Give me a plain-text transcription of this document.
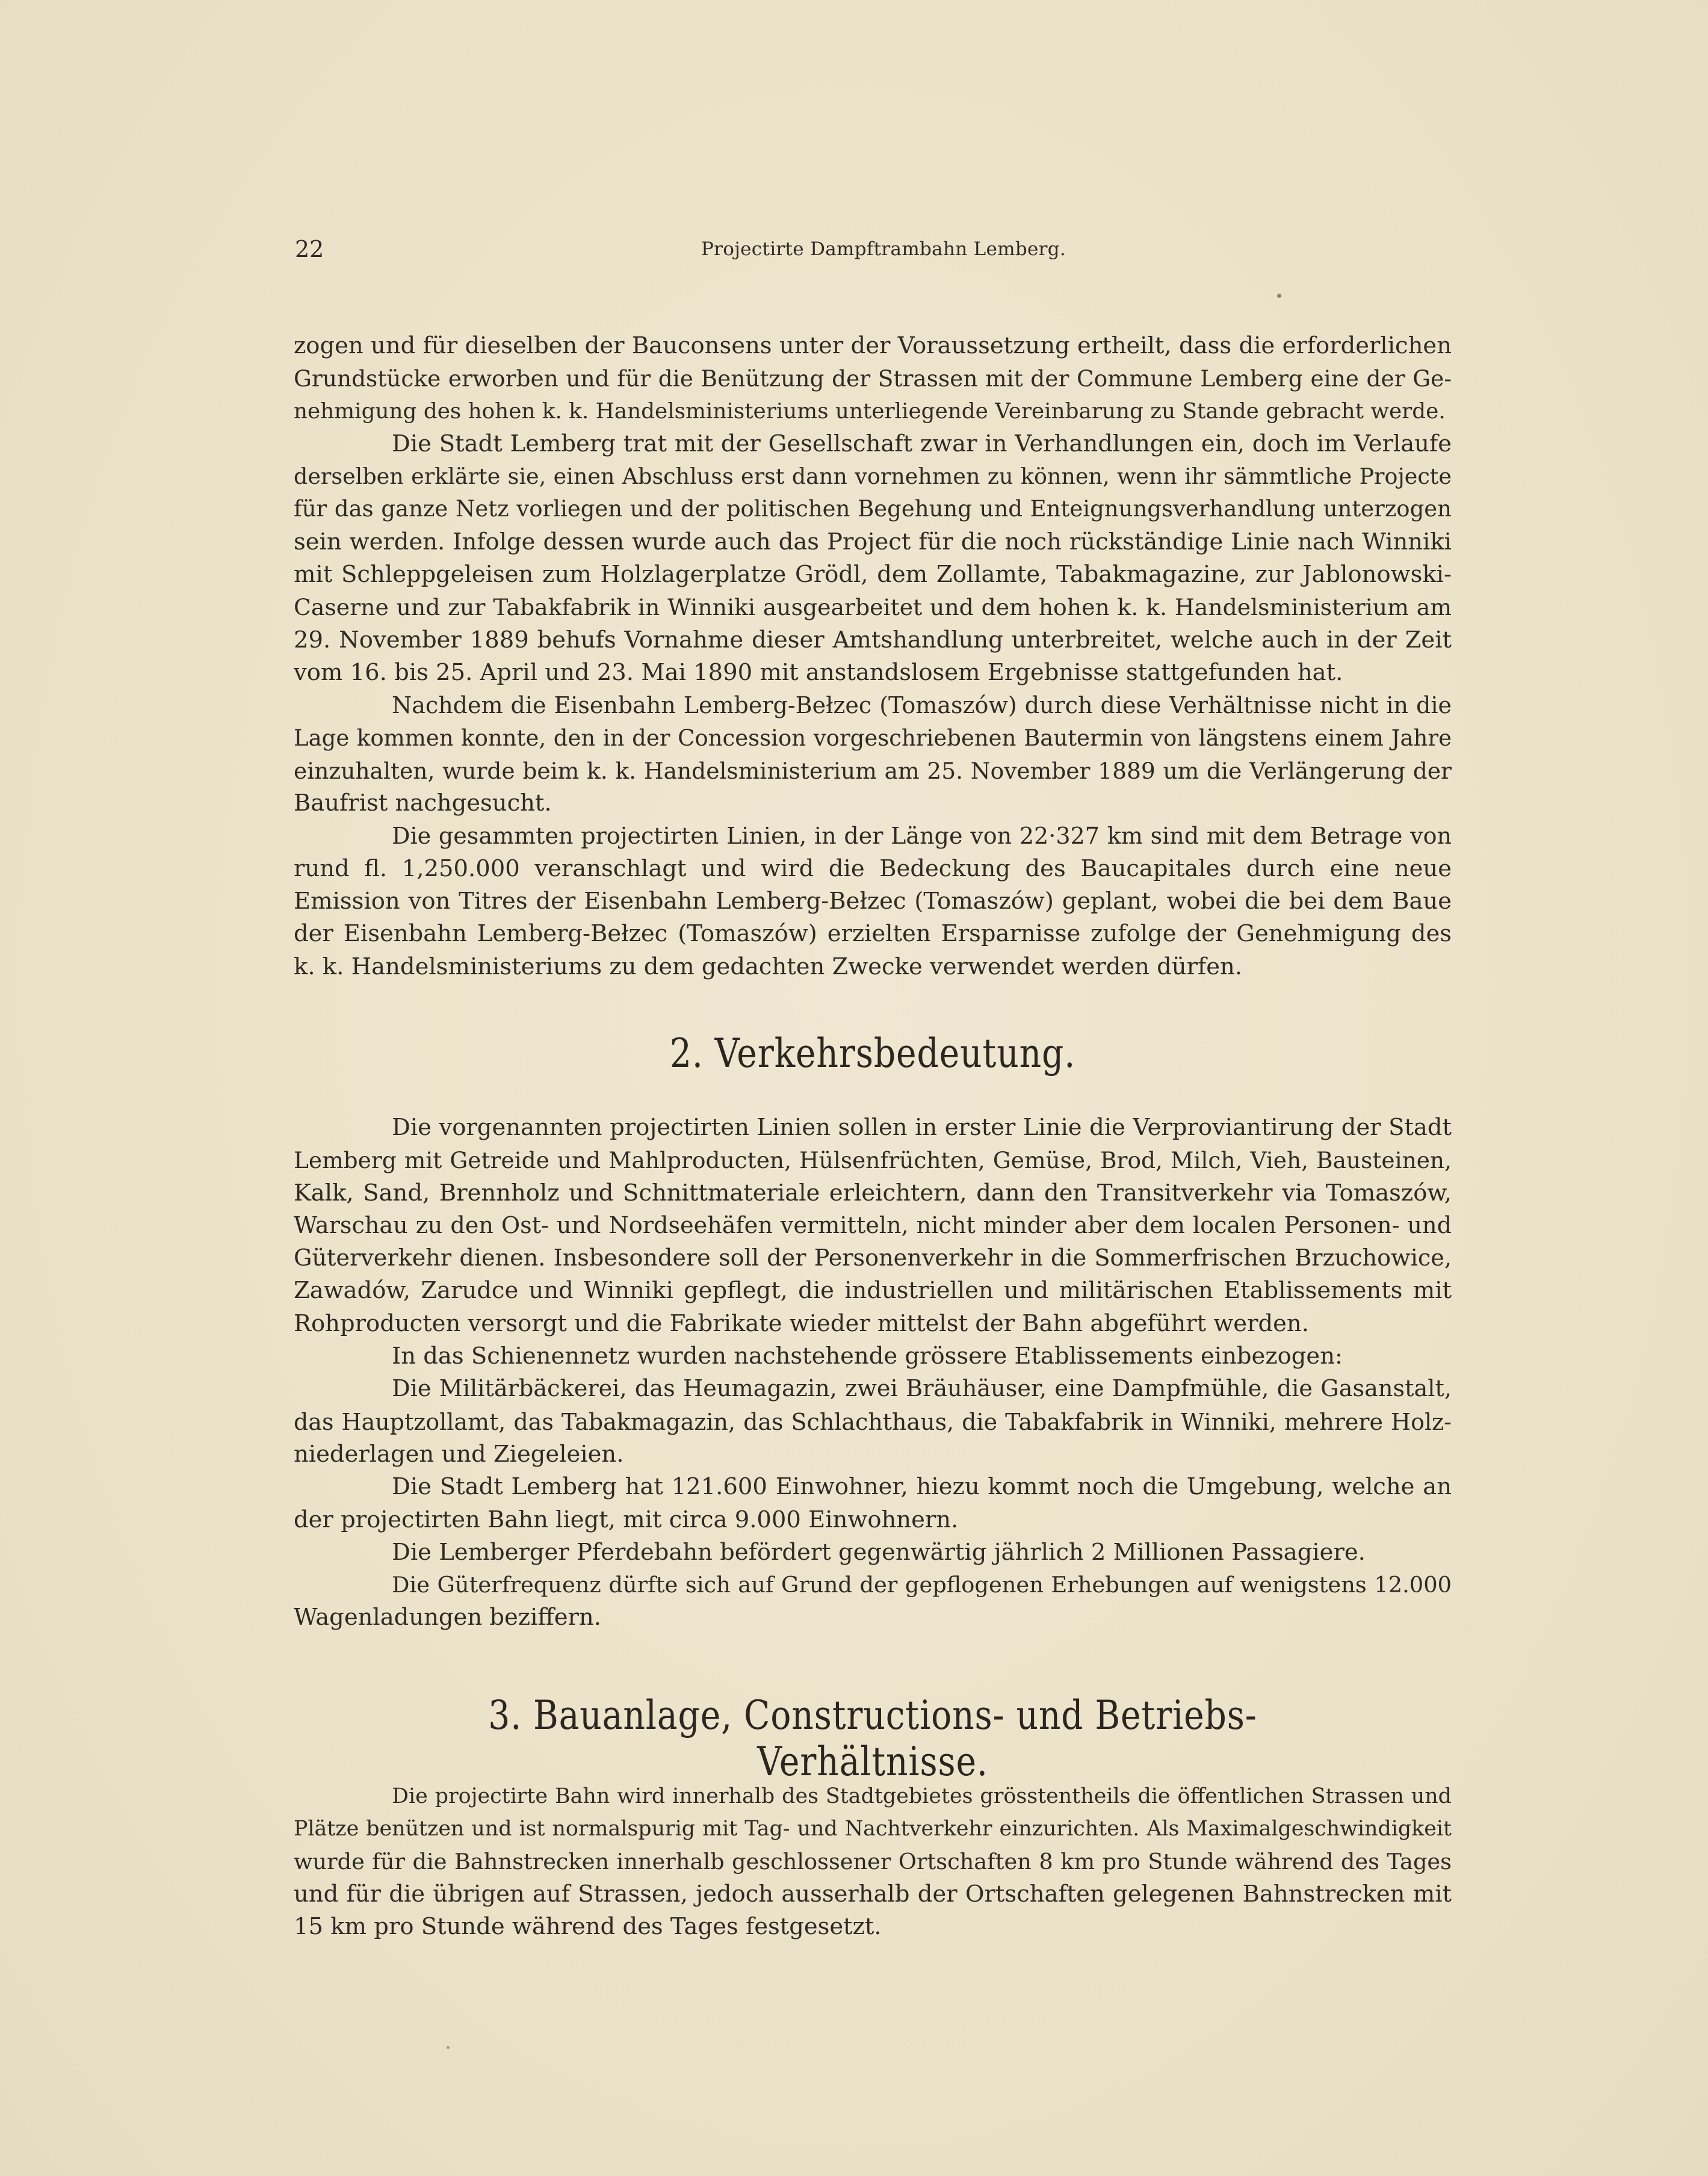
22	Projectirte Dampftrambahn Lemberg.

zogen und für dieselben der Bauconsens unter der Voraussetzung ertheilt, dass die erforderlichen

Grundstücke erworben und für die Benützung der Strassen mit der Commune Lemberg eine der Ge-

nehmigung des hohen k. k. Handelsministeriums unterliegende Vereinbarung zu Stande gebracht werde.

Die Stadt Lemberg trat mit der Gesellschaft zwar in Verhandlungen ein, doch im Verlaufe

derselben erklärte sie, einen Abschluss erst dann vornehmen zu können, wenn ihr sämmtliche Projecte

für das ganze Netz vorliegen und der politischen Begehung und Enteignungsverhandlung unterzogen

sein werden. Infolge dessen wurde auch das Project für die noch rückständige Linie nach Winniki

mit Schleppgeleisen zum Holzlagerplatze Grödl, dem Zollamte, Tabakmagazine, zur Jablonowski-

Caserne und zur Tabakfabrik in Winniki ausgearbeitet und dem hohen k. k. Handelsministerium am

29. November 1889 behufs Vornahme dieser Amtshandlung unterbreitet, welche auch in der Zeit

vom 16. bis 25. April und 23. Mai 1890 mit anstandslosem Ergebnisse stattgefunden hat.

Nachdem die Eisenbahn Lemberg-Bełzec (Tomaszów) durch diese Verhältnisse nicht in die

Lage kommen konnte, den in der Concession vorgeschriebenen Bautermin von längstens einem Jahre

einzuhalten, wurde beim k. k. Handelsministerium am 25. November 1889 um die Verlängerung der

Baufrist nachgesucht.

Die gesammten projectirten Linien, in der Länge von 22·327 km sind mit dem Betrage von

rund fl. 1,250.000 veranschlagt und wird die Bedeckung des Baucapitales durch eine neue

Emission von Titres der Eisenbahn Lemberg-Bełzec (Tomaszów) geplant, wobei die bei dem Baue

der Eisenbahn Lemberg-Bełzec (Tomaszów) erzielten Ersparnisse zufolge der Genehmigung des

k. k. Handelsministeriums zu dem gedachten Zwecke verwendet werden dürfen.

2. Verkehrsbedeutung.

Die vorgenannten projectirten Linien sollen in erster Linie die Verproviantirung der Stadt

Lemberg mit Getreide und Mahlproducten, Hülsenfrüchten, Gemüse, Brod, Milch, Vieh, Bausteinen,

Kalk, Sand, Brennholz und Schnittmateriale erleichtern, dann den Transitverkehr via Tomaszów,

Warschau zu den Ost- und Nordseehäfen vermitteln, nicht minder aber dem localen Personen- und

Güterverkehr dienen. Insbesondere soll der Personenverkehr in die Sommerfrischen Brzuchowice,

Zawadów, Zarudce und Winniki gepflegt, die industriellen und militärischen Etablissements mit

Rohproducten versorgt und die Fabrikate wieder mittelst der Bahn abgeführt werden.

In das Schienennetz wurden nachstehende grössere Etablissements einbezogen:

Die Militärbäckerei, das Heumagazin, zwei Bräuhäuser, eine Dampfmühle, die Gasanstalt,

das Hauptzollamt, das Tabakmagazin, das Schlachthaus, die Tabakfabrik in Winniki, mehrere Holz-

niederlagen und Ziegeleien.

Die Stadt Lemberg hat 121.600 Einwohner, hiezu kommt noch die Umgebung, welche an

der projectirten Bahn liegt, mit circa 9.000 Einwohnern.

Die Lemberger Pferdebahn befördert gegenwärtig jährlich 2 Millionen Passagiere.

Die Güterfrequenz dürfte sich auf Grund der gepflogenen Erhebungen auf wenigstens 12.000

Wagenladungen beziffern.

3. Bauanlage, Constructions- und Betriebs-Verhältnisse.

Die projectirte Bahn wird innerhalb des Stadtgebietes grösstentheils die öffentlichen Strassen und

Plätze benützen und ist normalspurig mit Tag- und Nachtverkehr einzurichten. Als Maximalgeschwindigkeit

wurde für die Bahnstrecken innerhalb geschlossener Ortschaften 8 km pro Stunde während des Tages

und für die übrigen auf Strassen, jedoch ausserhalb der Ortschaften gelegenen Bahnstrecken mit

15 km pro Stunde während des Tages festgesetzt.
